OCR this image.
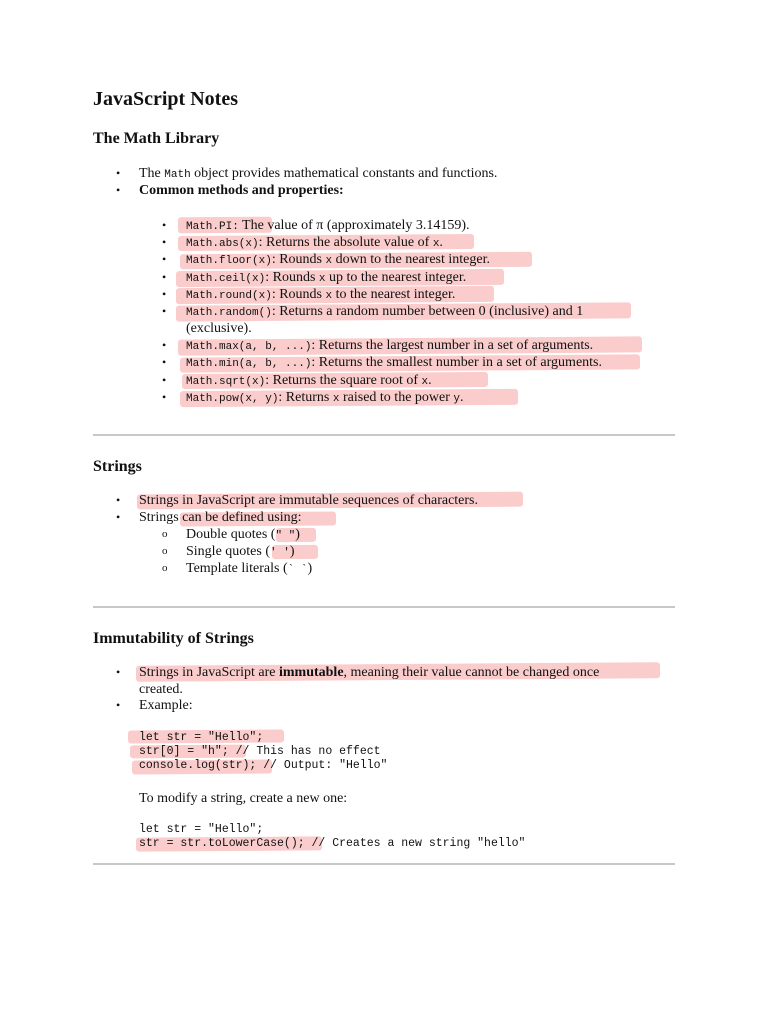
JavaScript Notes
The Math Library
• The Math object provides mathematical constants and functions.
• Common methods and properties:
• Math.PI: The value of π (approximately 3.14159).
• Math.abs(x): Returns the absolute value of x.
• Math.floor(x): Rounds x down to the nearest integer.
• Math.ceil(x): Rounds x up to the nearest integer.
• Math.round(x): Rounds x to the nearest integer.
• Math.random(): Returns a random number between 0 (inclusive) and 1
(exclusive).
• Math.max(a, b, ...): Returns the largest number in a set of arguments.
• Math.min(a, b, ...): Returns the smallest number in a set of arguments.
• Math.sqrt(x): Returns the square root of x.
• Math.pow(x, y): Returns x raised to the power y.
Strings
• Strings in JavaScript are immutable sequences of characters.
• Strings can be defined using:
o Double quotes (" ")
o Single quotes (' ')
o Template literals (` `)
Immutability of Strings
• Strings in JavaScript are immutable, meaning their value cannot be changed once
created.
• Example:
let str = "Hello";
str[0] = "h"; // This has no effect
console.log(str); // Output: "Hello"
To modify a string, create a new one:
let str = "Hello";
str = str.toLowerCase(); // Creates a new string "hello"
